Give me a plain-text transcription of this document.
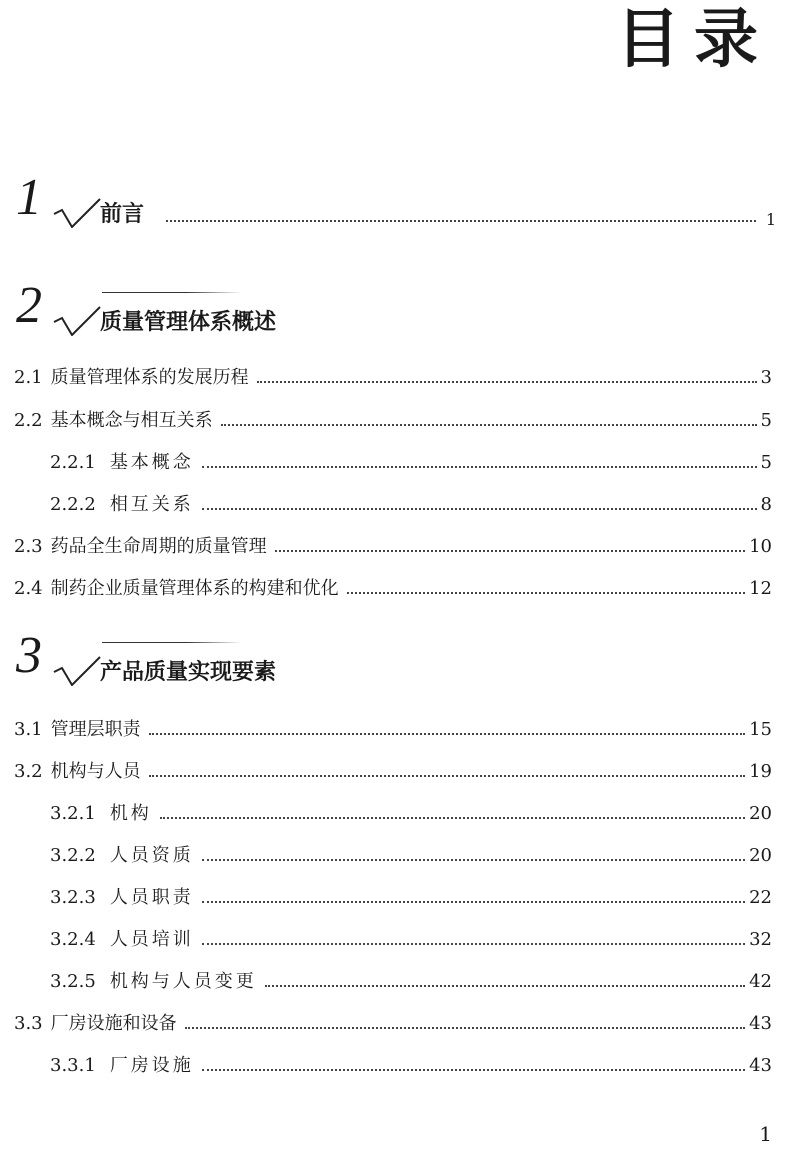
目录
1	前言	1
2	质量管理体系概述
2.1 质量管理体系的发展历程	3
2.2 基本概念与相互关系	5
2.2.1 基本概念	5
2.2.2 相互关系	8
2.3 药品全生命周期的质量管理	10
2.4 制药企业质量管理体系的构建和优化	12
3	产品质量实现要素
3.1 管理层职责	15
3.2 机构与人员	19
3.2.1 机构	20
3.2.2 人员资质	20
3.2.3 人员职责	22
3.2.4 人员培训	32
3.2.5 机构与人员变更	42
3.3 厂房设施和设备	43
3.3.1 厂房设施	43
1
